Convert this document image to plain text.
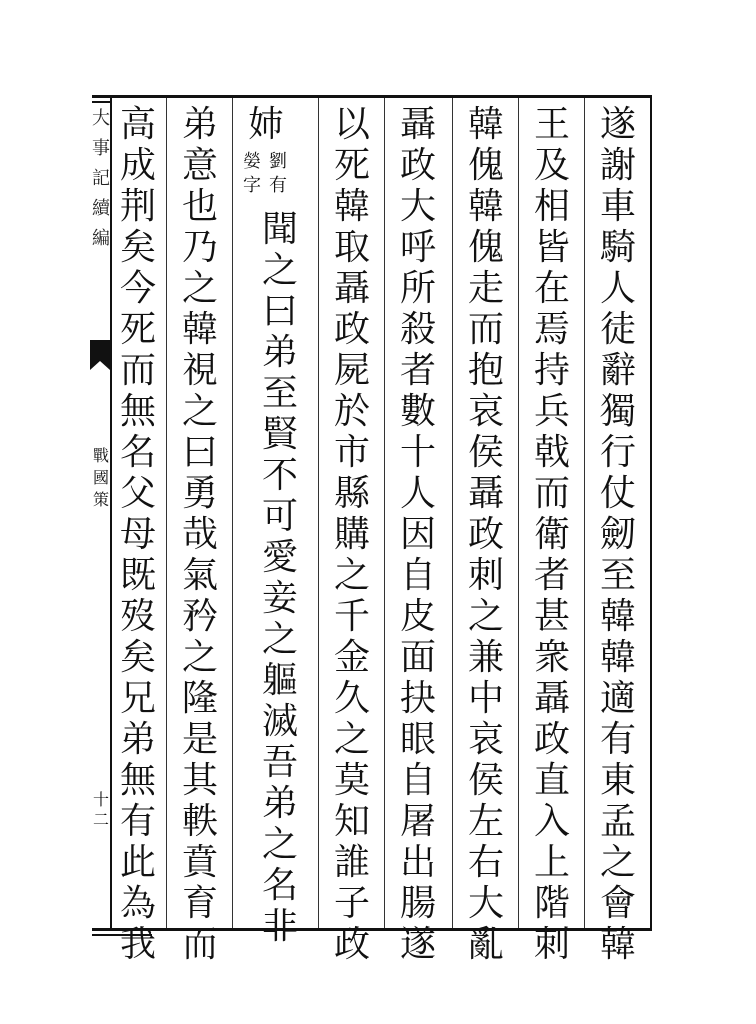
大
事
記
續
編
戰
國
策
十二
遂
謝
車
騎
人
徒
辭
獨
行
仗
劒
至
韓
韓
適
有
東
孟
之
會
韓
王
及
相
皆
在
焉
持
兵
戟
而
衛
者
甚
衆
聶
政
直
入
上
階
刺
韓
傀
韓
傀
走
而
抱
哀
侯
聶
政
刺
之
兼
中
哀
侯
左
右
大
亂
聶
政
大
呼
所
殺
者
數
十
人
因
自
皮
面
抉
眼
自
屠
出
腸
遂
以
死
韓
取
聶
政
屍
於
市
縣
購
之
千
金
久
之
莫
知
誰
子
政
姉
劉
有
嫈
字
聞
之
曰
弟
至
賢
不
可
愛
妾
之
軀
滅
吾
弟
之
名
非
弟
意
也
乃
之
韓
視
之
曰
勇
哉
氣
矜
之
隆
是
其
軼
賁
育
而
高
成
荆
矣
今
死
而
無
名
父
母
既
歿
矣
兄
弟
無
有
此
為
我
